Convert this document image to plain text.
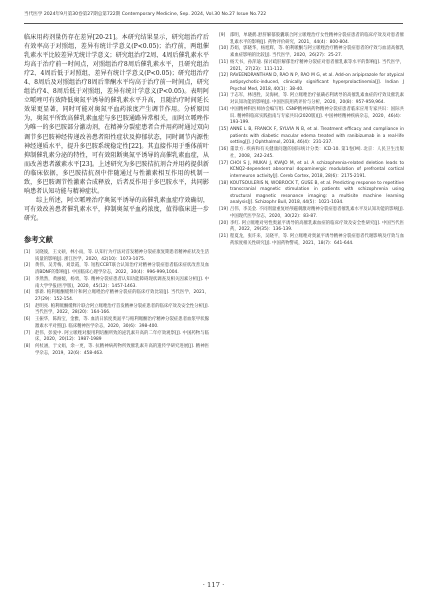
当代医学 2024年9月第30卷第27期总第722期 Contemporary Medicine, Sep. 2024, Vol.30 No.27 Issue No.722

临床用药剂量仍存在差异[20-21]。本研究结果显示，研究组治疗后有效率高于对照组，差异有统计学意义(P<0.05)；治疗前，两组催乳素水平比较差异无统计学意义；研究组治疗2周、4周后催乳素水平均高于治疗前一时间点，对照组治疗8周后催乳素水平，且研究组治疗2、4周后低于对照组，差异有统计学意义(P<0.05)；研究组治疗4、8周后及对照组治疗8周后睾酮水平均高于治疗前一时间点，研究组治疗4、8周后低于对照组，差异有统计学意义(P<0.05)。表明阿立哌唑可有效降低奥氮平诱导的催乳素水平升高，且随治疗时间延长效果更显著，同时可能对奥氮平血药浓度产生调节作用。分析原因为，奥氮平所致高催乳素血症与多巴胺通路异常相关，而阿立哌唑作为唯一的多巴胺部分激动剂，在精神分裂症患者合并用药时通过双向调节多巴胺神经传递改善患者阳性症状及抑郁状态，同时调节内源性神经递质水平，提升多巴胺系统稳定性[22]。其直接作用于垂体前叶抑制催乳素分泌的特性，可有效阻断奥氮平诱导的高催乳素血症，从而改善患者激素水平[23]。上述研究为多巴胺拮抗剂合并用药提供新的临床依据，多巴胺拮抗剂中伴随通过与性激素相互作用的机制一致，多巴胺调节性激素合成释放，后者反作用于多巴胺水平，共同影响患者认知功能与精神症状。

综上所述，阿立哌唑治疗奥氮平诱导的高催乳素血症疗效确切，可有效改善患者催乳素水平，抑制奥氮平血药浓度，值得临床进一步研究。

参考文献
[1]	吴晓彼，王文硕，林小雨，等. 认知行为疗法对首发精神分裂症康复期患者精神症状及生活质量的影响[J]. 浙江医学，2020，42(10)：1073-1075.
[2]	黄伟，吴芳梅，刘景霞，等. 短程CCBT联合认知治疗对精神分裂症患者临床症状改善及血清BDNF的影响[J]. 中国临床心理学杂志，2022，30(4)：996-999,1004.
[3]	李然然，黄丽媛，杨勇，等. 精神分裂症患者认知功能障碍现状调查及相关因素分析[J]. 中南大学学报(医学版)，2020，45(12)：1457-1463.
[4]	郭新. 帕利哌酮缓释片和阿立哌唑治疗精神分裂症的临床疗效比较[J]. 当代医学，2021，27(29)：152-154.
[5]	赵明亮. 帕利哌酮缓释片联合阿立哌唑治疗首发精神分裂症患者的临床疗效及安全性分析[J]. 当代医学，2022，28(20)：164-166.
[6]	王振华，陈海宝，金雅，等. 血清日浓度奥氮平与帕利哌酮治疗精神分裂症患者血浆甲状腺激素水平对照[J]. 临床精神医学杂志，2020，30(6)：398-400.
[7]	赵伟，彭爱中. 阿立哌唑对服用利培酮所致的泌乳素升高的二年疗效观察[J]. 中国药物与临床，2020，20(12)：1987-1989
[8]	何杖涵，于文娟，余一更，等. 抗精神病药物所致催乳素升高的遗传学研究进展[J]. 精神医学杂志，2019，32(6)：458-463.
[9]	邵明，单晓鹤.舒肝解郁胶囊联合阿立哌唑治疗女性精神分裂症患者的临床疗效及对患者催乳素水平的影响[J]. 药物评价研究，2021，44(4)：800-804.
[10] 苏娟，郭晓华，杨旭辉，等. 帕利哌酮与阿立哌唑治疗精神分裂症患者的疗效与血清高催乳素血症影响的比较[J]. 当代医学，2020，26(27)：25-27.
[11] 杨天书，孙萍迪. 探讨疏肝解郁治疗精神分裂症对患者催乳素等水平的影响[J]. 当代医学，2021，27(23)：111-112.
[12] RAVEENDRANTHAN D, RAO N P, RAO M G, et al. Add-on aripiprazole for atypical antipsychotic-induced, clinically significant hyperprolactinemia[J]. Indian J Psychol Med, 2018, 40(1)：38-40.
[13] 于志军，林进胜，吴海树，等. 阿立哌唑治疗氨磺必利诱导的高催乳素血症的疗效及催乳素对认知功能的影响[J]. 中国医院用药评价与分析，2020，20(8)：957-959,964.
[14] 中国精神科医师协会编写组. CSNP精神病药物精神分裂症患者临床应用专家共识：国际共识. 精神科临床实践指南与专家共识(2020版)[J]. 中国神经精神疾病杂志，2020，46(4)：193-199.
[15] ANNE L B, FRANCK F, SYLVIA N B, et al. Treatment efficacy and compliance in patients with diabetic macular edema treated with ranibizumab in a real-life setting[J]. J Ophthalmol, 2018, 46(4)：231-237.
[16] 董景方. 疾病和有关健康问题的国际统计分类：ICD-10. 第1卷[M]. 北京：人民卫生出版社，2008，242-245.
[17] CHOI S J, MUKAI J, KVAJO M, et al. A schizophrenia-related deletion leads to KCNQ2-dependent abnormal dopaminergic modulation of prefrontal cortical interneuron activity[J]. Cereb Cortex, 2018, 28(6)：2175-2191.
[18] KOUTSOULERIS N, WOBROCK T, GUSE B, et al. Predicting response to repetitive transcranial magnetic stimulation in patients with schizophrenia using structural magnetic resonance imaging: a multisite machine learning analysis[J]. Schizophr Bull, 2018, 44(5)：1021-1034.
[19] 吕伟，李美金. 不同剂量重复经颅磁刺激对精神分裂症患者催乳素水平及认知功能的影响[J]. 中国现代医学杂志，2020，30(22)：83-87.
[20] 李红. 阿立哌唑对男性奥氮平诱导的高催乳素血症的临床疗效及安全性研究[J]. 中国当代医药，2022，29(35)：136-139.
[21] 程夏龙，张许来，吴晓平，等. 阿立哌唑对奥氮平诱导精神分裂症患者代谢影响及疗效与血药浓度相关性研究[J]. 中国药物警戒，2021，18(7)：641-644.
· 117 ·
